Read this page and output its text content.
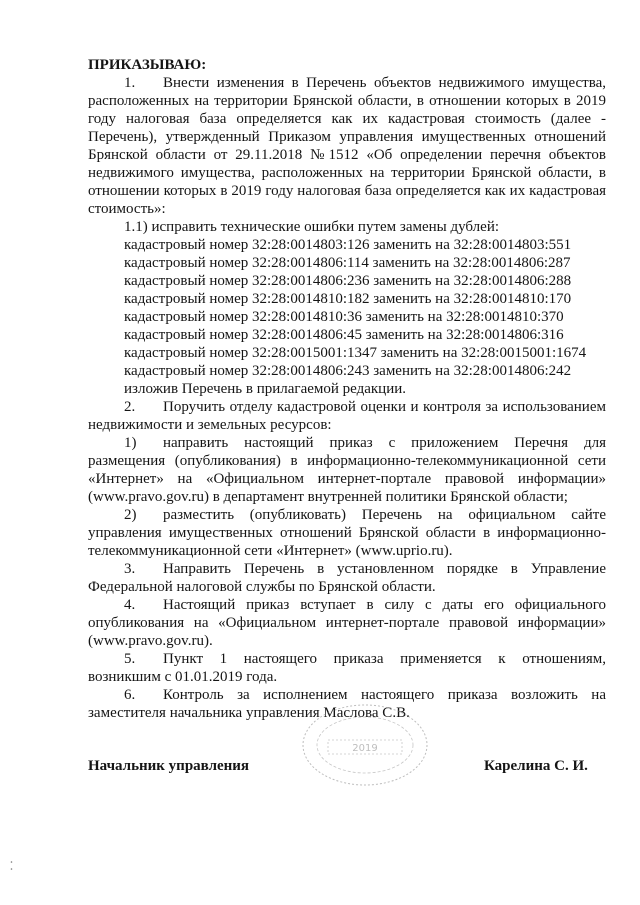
ПРИКАЗЫВАЮ:
1. Внести изменения в Перечень объектов недвижимого имущества,
расположенных на территории Брянской области, в отношении которых в 2019
году налоговая база определяется как их кадастровая стоимость (далее -
Перечень), утвержденный Приказом управления имущественных отношений
Брянской области от 29.11.2018 №1512 «Об определении перечня объектов
недвижимого имущества, расположенных на территории Брянской области, в
отношении которых в 2019 году налоговая база определяется как их кадастровая
стоимость»:
1.1) исправить технические ошибки путем замены дублей:
кадастровый номер 32:28:0014803:126 заменить на 32:28:0014803:551
кадастровый номер 32:28:0014806:114 заменить на 32:28:0014806:287
кадастровый номер 32:28:0014806:236 заменить на 32:28:0014806:288
кадастровый номер 32:28:0014810:182 заменить на 32:28:0014810:170
кадастровый номер 32:28:0014810:36 заменить на 32:28:0014810:370
кадастровый номер 32:28:0014806:45 заменить на 32:28:0014806:316
кадастровый номер 32:28:0015001:1347 заменить на 32:28:0015001:1674
кадастровый номер 32:28:0014806:243 заменить на 32:28:0014806:242
изложив Перечень в прилагаемой редакции.
2. Поручить отделу кадастровой оценки и контроля за использованием
недвижимости и земельных ресурсов:
1) направить настоящий приказ с приложением Перечня для
размещения (опубликования) в информационно-телекоммуникационной сети
«Интернет» на «Официальном интернет-портале правовой информации»
(www.pravo.gov.ru) в департамент внутренней политики Брянской области;
2) разместить (опубликовать) Перечень на официальном сайте
управления имущественных отношений Брянской области в информационно-
телекоммуникационной сети «Интернет» (www.uprio.ru).
3. Направить Перечень в установленном порядке в Управление
Федеральной налоговой службы по Брянской области.
4. Настоящий приказ вступает в силу с даты его официального
опубликования на «Официальном интернет-портале правовой информации»
(www.pravo.gov.ru).
5. Пункт 1 настоящего приказа применяется к отношениям,
возникшим с 01.01.2019 года.
6. Контроль за исполнением настоящего приказа возложить на
заместителя начальника управления Маслова С.В.
2019
Начальник управления	Карелина С. И.
